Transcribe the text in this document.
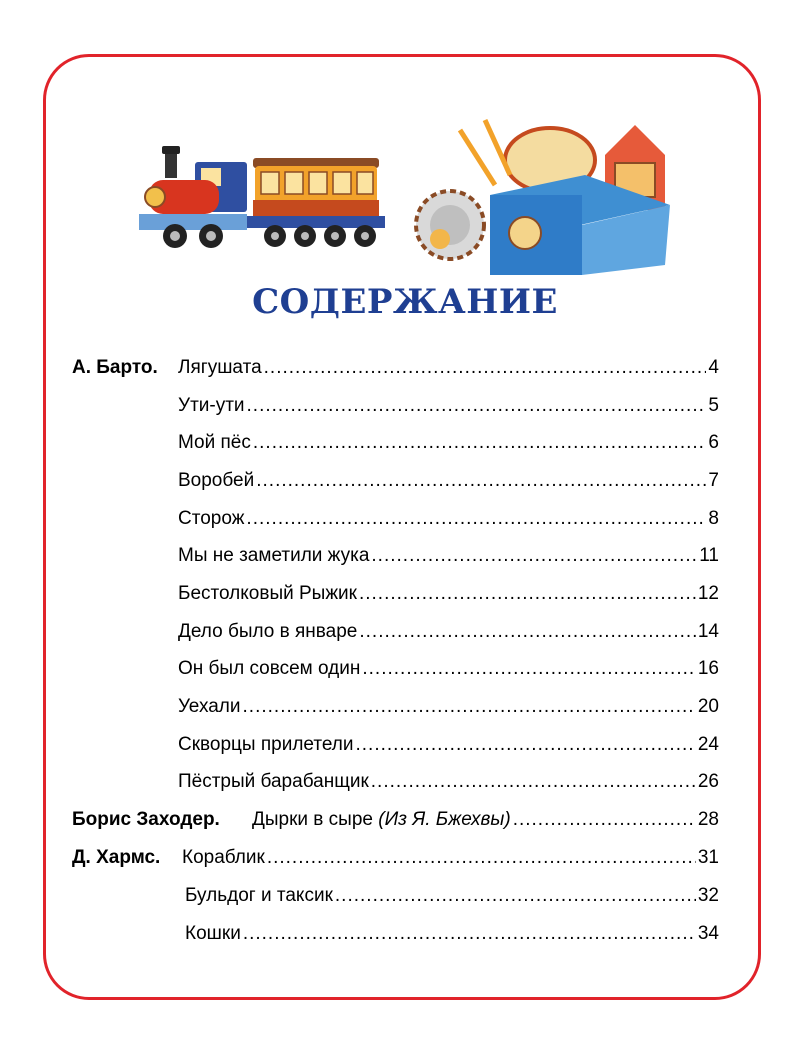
СОДЕРЖАНИЕ
А. Барто. Лягушата .....	4
Ути-ути .....	5
Мой пёс .....	6
Воробей .....	7
Сторож .....	8
Мы не заметили жука .....	11
Бестолковый Рыжик .....	12
Дело было в январе .....	14
Он был совсем один .....	16
Уехали .....	20
Скворцы прилетели .....	24
Пёстрый барабанщик .....	26
Борис Заходер. Дырки в сыре (Из Я. Бжехвы) .....	28
Д. Хармс. Кораблик .....	31
Бульдог и таксик .....	32
Кошки .....	34
